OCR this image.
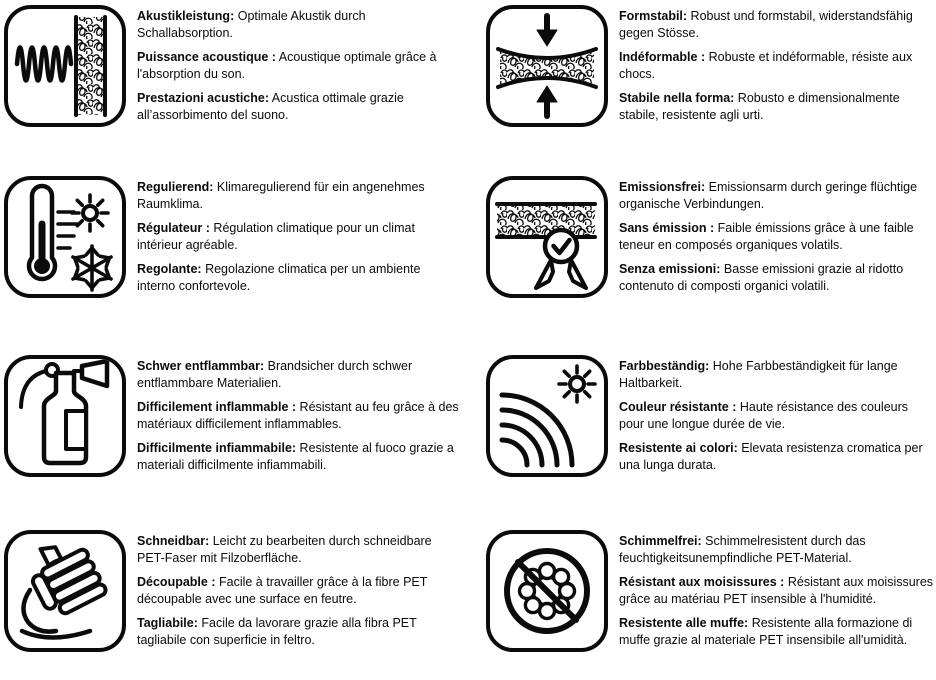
Akustikleistung: Optimale Akustik durch Schallabsorption.

Puissance acoustique : Acoustique optimale grâce à l'absorption du son.

Prestazioni acustiche: Acustica ottimale grazie all’assorbimento del suono.

Formstabil: Robust und formstabil, widerstandsfähig gegen Stösse.

Indéformable : Robuste et indéformable, résiste aux chocs.

Stabile nella forma: Robusto e dimensionalmente stabile, resistente agli urti.

Regulierend: Klimaregulierend für ein angenehmes Raumklima.

Régulateur : Régulation climatique pour un climat intérieur agréable.

Regolante: Regolazione climatica per un ambiente interno confortevole.

Emissionsfrei: Emissionsarm durch geringe flüchtige organische Verbindungen.

Sans émission : Faible émissions grâce à une faible teneur en composés organiques volatils.

Senza emissioni: Basse emissioni grazie al ridotto contenuto di composti organici volatili.

Schwer entflammbar: Brandsicher durch schwer entflammbare Materialien.

Difficilement inflammable : Résistant au feu grâce à des matériaux difficilement inflammables.

Difficilmente infiammabile: Resistente al fuoco grazie a materiali difficilmente infiammabili.

Farbbeständig: Hohe Farbbeständigkeit für lange Haltbarkeit.

Couleur résistante : Haute résistance des couleurs pour une longue durée de vie.

Resistente ai colori: Elevata resistenza cromatica per una lunga durata.

Schneidbar: Leicht zu bearbeiten durch schneidbare PET-Faser mit Filzoberfläche.

Découpable : Facile à travailler grâce à la fibre PET découpable avec une surface en feutre.

Tagliabile: Facile da lavorare grazie alla fibra PET tagliabile con superficie in feltro.

Schimmelfrei: Schimmelresistent durch das feuchtigkeitsunempfindliche PET-Material.

Résistant aux moisissures : Résistant aux moisissures grâce au matériau PET insensible à l'humidité.

Resistente alle muffe: Resistente alla formazione di muffe grazie al materiale PET insensibile all'umidità.
